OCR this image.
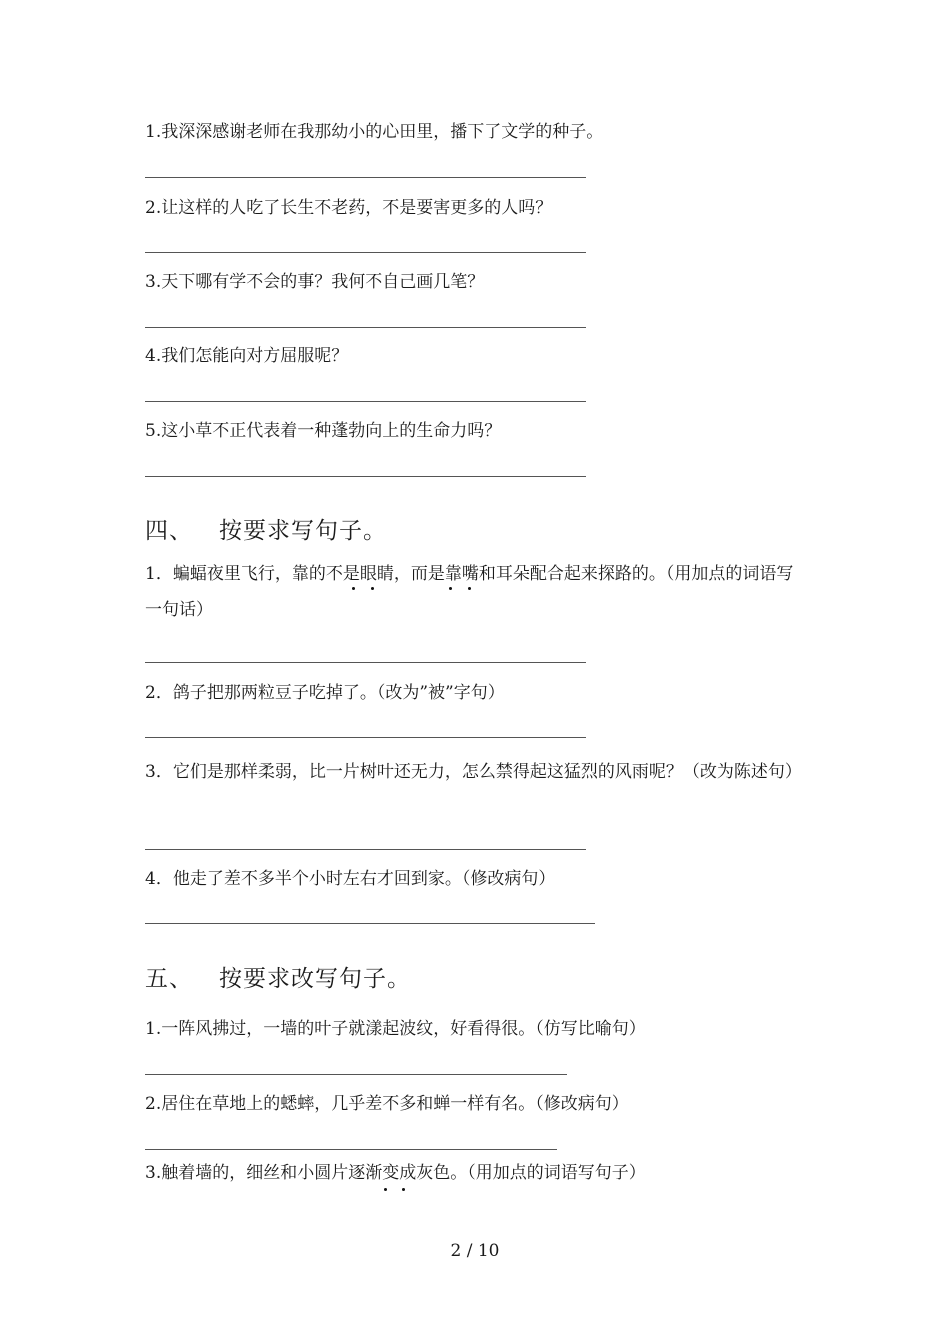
1.我深深感谢老师在我那幼小的心田里，播下了文学的种子。
2.让这样的人吃了长生不老药，不是要害更多的人吗？
3.天下哪有学不会的事？我何不自己画几笔？
4.我们怎能向对方屈服呢？
5.这小草不正代表着一种蓬勃向上的生命力吗？
四、 按要求写句子。
1．蝙蝠夜里飞行，靠的不是眼睛，而是靠嘴和耳朵配合起来探路的。（用加点的词语写一句话）
2．鸽子把那两粒豆子吃掉了。（改为”被”字句）
3．它们是那样柔弱，比一片树叶还无力，怎么禁得起这猛烈的风雨呢？（改为陈述句）
4．他走了差不多半个小时左右才回到家。（修改病句）
五、 按要求改写句子。
1.一阵风拂过，一墙的叶子就漾起波纹，好看得很。（仿写比喻句）
2.居住在草地上的蟋蟀，几乎差不多和蝉一样有名。（修改病句）
3.触着墙的，细丝和小圆片逐渐变成灰色。（用加点的词语写句子）
2 / 10
